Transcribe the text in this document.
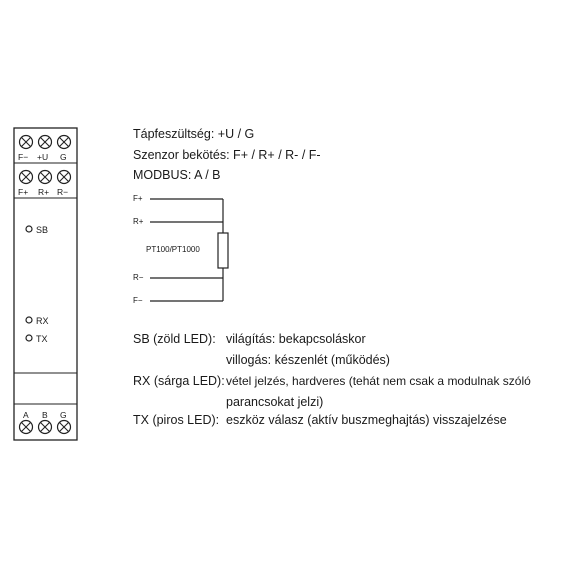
F− +U G
F+ R+ R−
A B G
SB
RX
TX
Tápfeszültség: +U / G
Szenzor bekötés: F+ / R+ / R- / F-
MODBUS: A / B
F+
R+
R−
F−
PT100/PT1000
SB (zöld LED): világítás: bekapcsoláskor
villogás: készenlét (működés)
RX (sárga LED): vétel jelzés, hardveres (tehát nem csak a modulnak szóló
parancsokat jelzi)
TX (piros LED): eszköz válasz (aktív buszmeghajtás) visszajelzése
